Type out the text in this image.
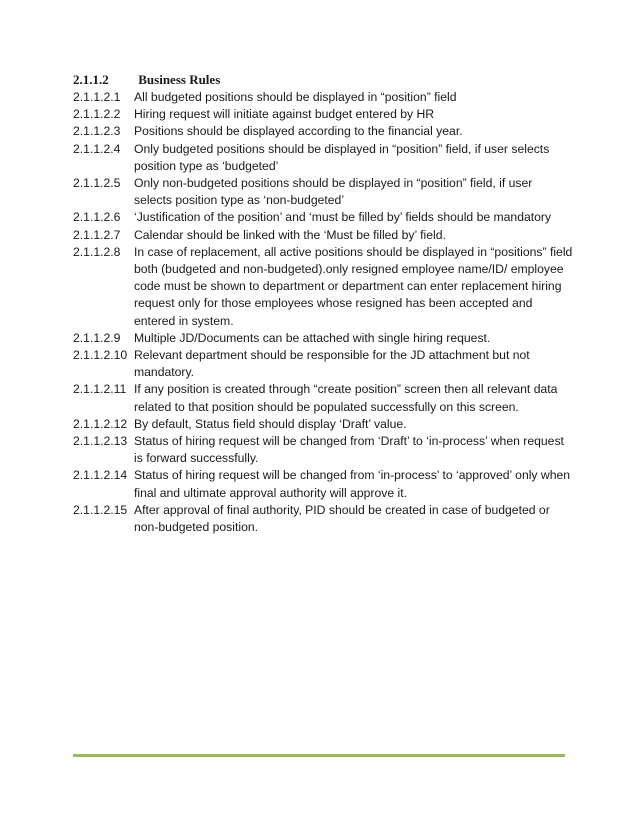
2.1.1.2 Business Rules
2.1.1.2.1	All budgeted positions should be displayed in “position” field
2.1.1.2.2	Hiring request will initiate against budget entered by HR
2.1.1.2.3	Positions should be displayed according to the financial year.
2.1.1.2.4	Only budgeted positions should be displayed in “position” field, if user selects position type as ‘budgeted’
2.1.1.2.5	Only non-budgeted positions should be displayed in “position” field, if user selects position type as ‘non-budgeted’
2.1.1.2.6	‘Justification of the position’ and ‘must be filled by’ fields should be mandatory
2.1.1.2.7	Calendar should be linked with the ‘Must be filled by’ field.
2.1.1.2.8	In case of replacement, all active positions should be displayed in “positions” field both (budgeted and non-budgeted).only resigned employee name/ID/ employee code must be shown to department or department can enter replacement hiring request only for those employees whose resigned has been accepted and entered in system.
2.1.1.2.9	Multiple JD/Documents can be attached with single hiring request.
2.1.1.2.10 Relevant department should be responsible for the JD attachment but not mandatory.
2.1.1.2.11 If any position is created through “create position” screen then all relevant data related to that position should be populated successfully on this screen.
2.1.1.2.12 By default, Status field should display ‘Draft’ value.
2.1.1.2.13 Status of hiring request will be changed from ‘Draft’ to ‘in-process’ when request is forward successfully.
2.1.1.2.14 Status of hiring request will be changed from ‘in-process’ to ‘approved’ only when final and ultimate approval authority will approve it.
2.1.1.2.15 After approval of final authority, PID should be created in case of budgeted or non-budgeted position.
